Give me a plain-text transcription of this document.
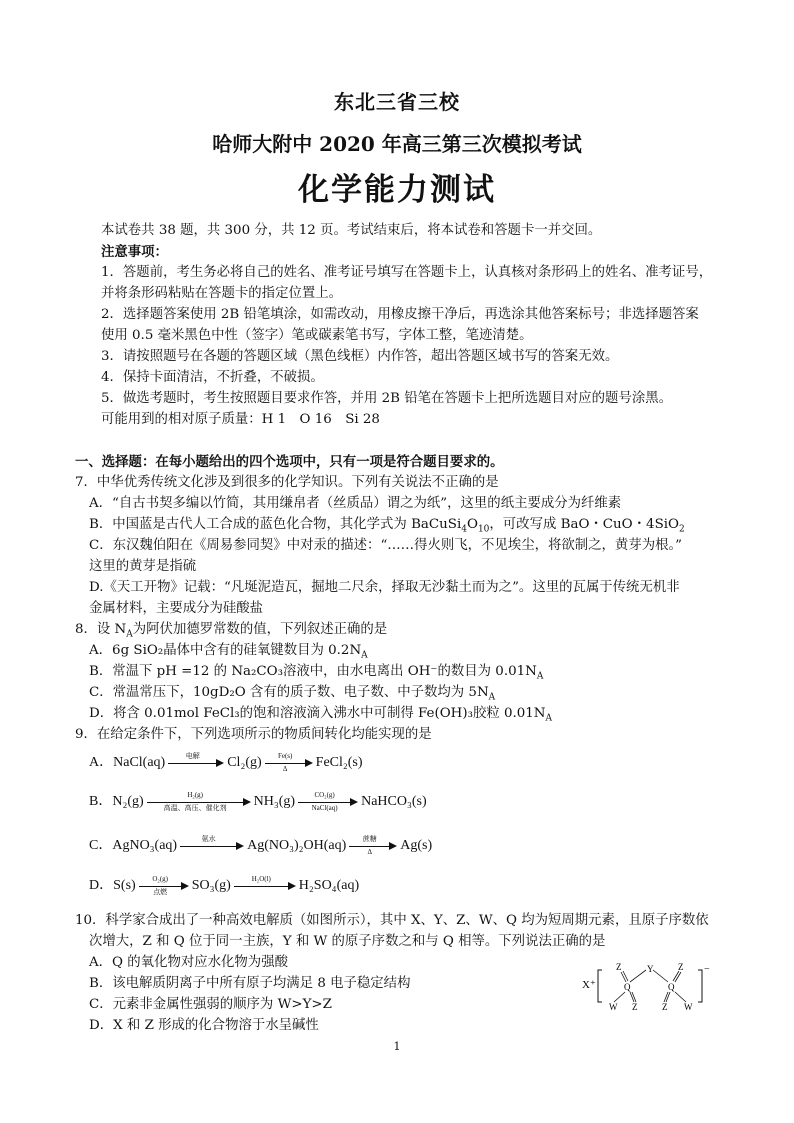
东北三省三校
哈师大附中 2020 年高三第三次模拟考试
化学能力测试
本试卷共 38 题，共 300 分，共 12 页。考试结束后，将本试卷和答题卡一并交回。
注意事项：
1．答题前，考生务必将自己的姓名、准考证号填写在答题卡上，认真核对条形码上的姓名、准考证号，
并将条形码粘贴在答题卡的指定位置上。
2．选择题答案使用 2B 铅笔填涂，如需改动，用橡皮擦干净后，再选涂其他答案标号；非选择题答案
使用 0.5 毫米黑色中性（签字）笔或碳素笔书写，字体工整，笔迹清楚。
3．请按照题号在各题的答题区域（黑色线框）内作答，超出答题区域书写的答案无效。
4．保持卡面清洁，不折叠，不破损。
5．做选考题时，考生按照题目要求作答，并用 2B 铅笔在答题卡上把所选题目对应的题号涂黑。
可能用到的相对原子质量：H 1　O 16　Si 28
一、选择题：在每小题给出的四个选项中，只有一项是符合题目要求的。
7．中华优秀传统文化涉及到很多的化学知识。下列有关说法不正确的是
A．“自古书契多编以竹简，其用缣帛者（丝质品）谓之为纸”，这里的纸主要成分为纤维素
B．中国蓝是古代人工合成的蓝色化合物，其化学式为 $BaCuSi_4O_{10}$，可改写成 BaO・CuO・4SiO$_2$
C．东汉魏伯阳在《周易参同契》中对汞的描述：“……得火则飞，不见埃尘，将欲制之，黄芽为根。”
这里的黄芽是指硫
D.《天工开物》记载：“凡埏泥造瓦，掘地二尺余，择取无沙黏土而为之”。这里的瓦属于传统无机非
金属材料，主要成分为硅酸盐
8．设 $N_A$为阿伏加德罗常数的值，下列叙述正确的是
A．6g SiO₂晶体中含有的硅氧键数目为 $0.2N_A$
B．常温下 pH =12 的 Na₂CO₃溶液中，由水电离出 OH⁻的数目为 $0.01N_A$
C．常温常压下，10gD₂O 含有的质子数、电子数、中子数均为 $5N_A$
D．将含 0.01mol FeCl₃的饱和溶液滴入沸水中可制得 Fe(OH)₃胶粒 $0.01N_A$
9．在给定条件下，下列选项所示的物质间转化均能实现的是
A．NaCl(aq)	电解	$Cl_2(g) \frac{Fe(s)}{\Delta}$ FeCl₂(s)
B．N₂(g)	H₂(g)
高温、高压、催化剂	NH₃(g)	CO₂(g)
NaCl(aq)	NaHCO₃(s)
C．AgNO₃(aq)	氨水	Ag(NO₃)₂OH(aq)	蔗糖
Δ	Ag(s)
D．S(s)	O₂(g)
点燃	SO₃(g)	H₂O(l)	H₂SO₄(aq)
10．科学家合成出了一种高效电解质（如图所示），其中 X、Y、Z、W、Q 均为短周期元素，且原子序数依
次增大，Z 和 Q 位于同一主族，Y 和 W 的原子序数之和与 Q 相等。下列说法正确的是
A．Q 的氧化物对应水化物为强酸
B．该电解质阴离子中所有原子均满足 8 电子稳定结构
C．元素非金属性强弱的顺序为 W>Y>Z
D．X 和 Z 形成的化合物溶于水呈碱性
X⁺
−
Q	Q
Y
Z	Z
Z	Z
W	W
1
